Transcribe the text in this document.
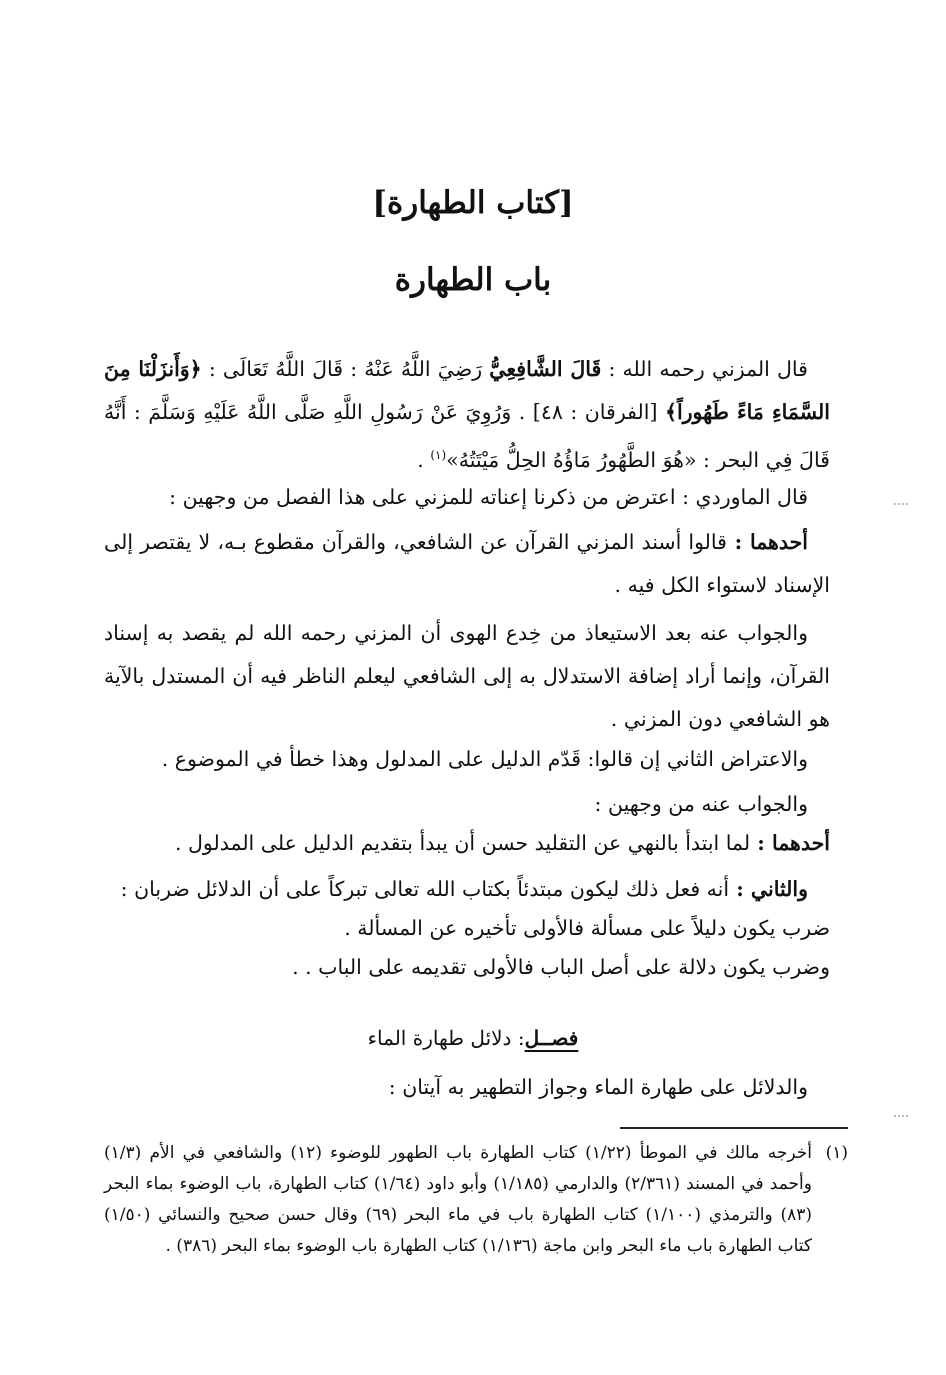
[كتاب الطهارة]
باب الطهارة
قال المزني رحمه الله : قَالَ الشَّافِعِيُّ رَضِيَ اللَّهُ عَنْهُ : قَالَ اللَّهُ تَعَالَى : ﴿وَأَنزَلْنَا مِنَ السَّمَاءِ مَاءً طَهُوراً﴾ [الفرقان : ٤٨] . وَرُوِيَ عَنْ رَسُولِ اللَّهِ صَلَّى اللَّهُ عَلَيْهِ وَسَلَّمَ : أَنَّهُ قَالَ فِي البحر : «هُوَ الطَّهُورُ مَاؤُهُ الحِلُّ مَيْتَتُهُ»$^{(١)}$ .
قال الماوردي : اعترض من ذكرنا إعناته للمزني على هذا الفصل من وجهين :
أحدهما : قالوا أسند المزني القرآن عن الشافعي، والقرآن مقطوع بـه، لا يقتصر إلى الإسناد لاستواء الكل فيه .
والجواب عنه بعد الاستيعاذ من خِدع الهوى أن المزني رحمه الله لم يقصد به إسناد القرآن، وإنما أراد إضافة الاستدلال به إلى الشافعي ليعلم الناظر فيه أن المستدل بالآية هو الشافعي دون المزني .
والاعتراض الثاني إن قالوا: قَدّم الدليل على المدلول وهذا خطأ في الموضوع .
والجواب عنه من وجهين :
أحدهما : لما ابتدأ بالنهي عن التقليد حسن أن يبدأ بتقديم الدليل على المدلول .
والثاني : أنه فعل ذلك ليكون مبتدئاً بكتاب الله تعالى تبركاً على أن الدلائل ضربان :
ضرب يكون دليلاً على مسألة فالأولى تأخيره عن المسألة .
وضرب يكون دلالة على أصل الباب فالأولى تقديمه على الباب . .
فصــل: دلائل طهارة الماء
والدلائل على طهارة الماء وجواز التطهير به آيتان :
(١)
أخرجه مالك في الموطأ (١/٢٢) كتاب الطهارة باب الطهور للوضوء (١٢) والشافعي في الأم (١/٣) وأحمد في المسند (٢/٣٦١) والدارمي (١/١٨٥) وأبو داود (١/٦٤) كتاب الطهارة، باب الوضوء بماء البحر (٨٣) والترمذي (١/١٠٠) كتاب الطهارة باب في ماء البحر (٦٩) وقال حسن صحيح والنسائي (١/٥٠) كتاب الطهارة باب ماء البحر وابن ماجة (١/١٣٦) كتاب الطهارة باب الوضوء بماء البحر (٣٨٦) .
